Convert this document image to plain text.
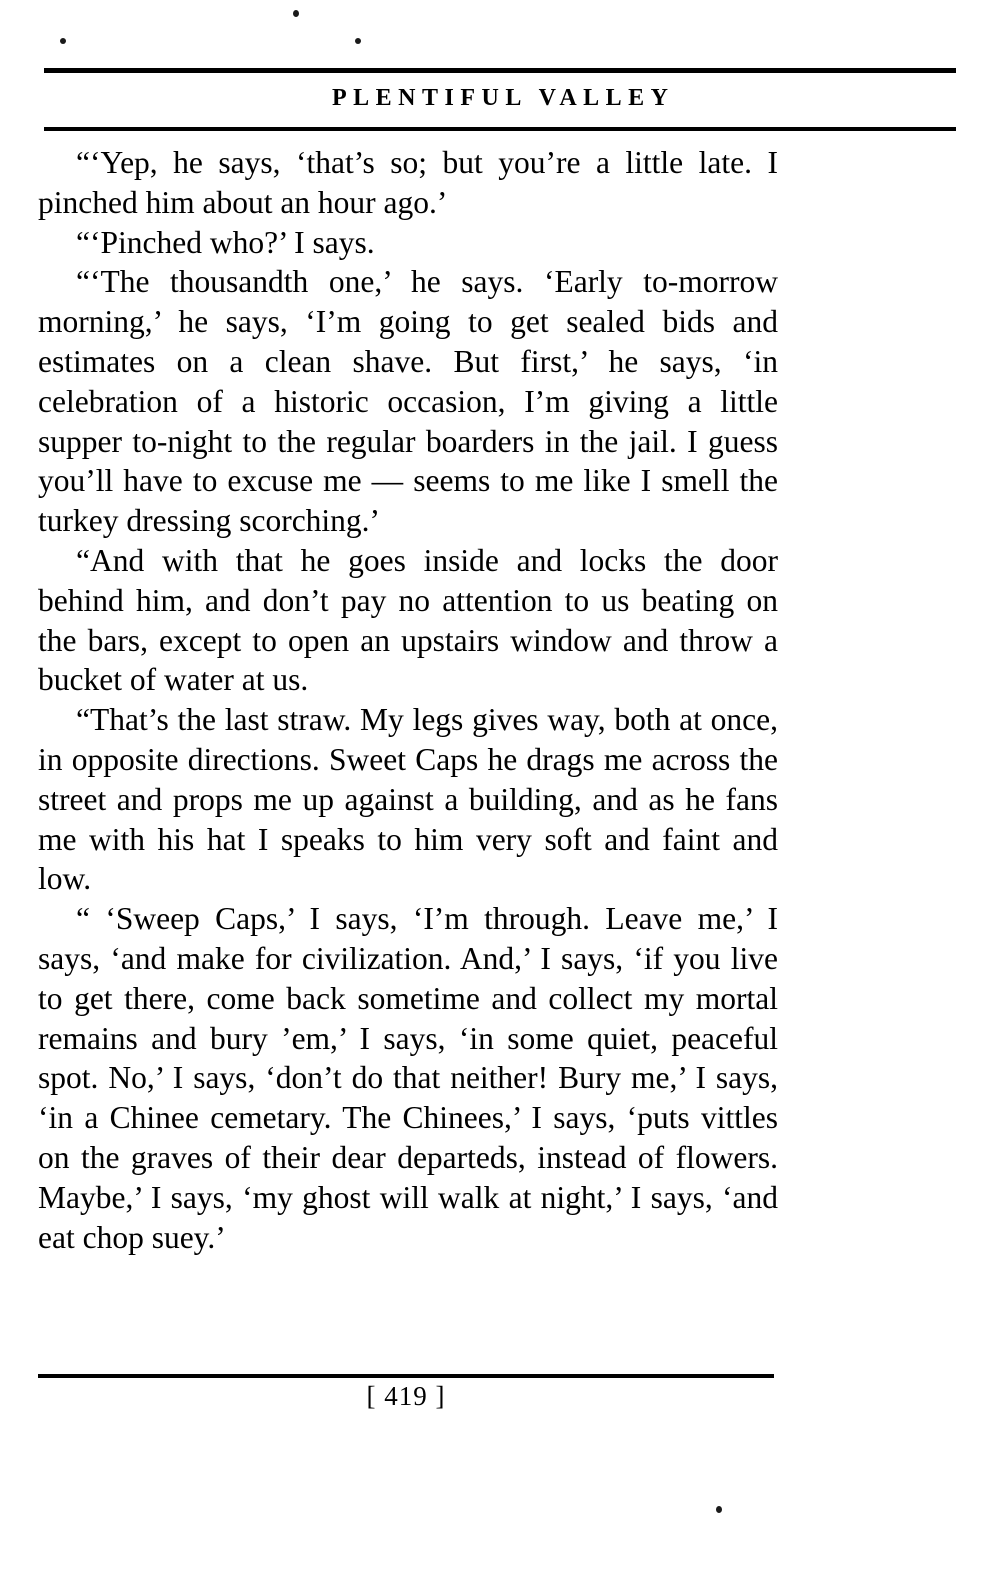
PLENTIFUL VALLEY

“‘Yep, he says, ‘that’s so; but you’re a little late. I pinched him about an hour ago.’

“‘Pinched who?’ I says.

“‘The thousandth one,’ he says. ‘Early to-morrow morning,’ he says, ‘I’m going to get sealed bids and estimates on a clean shave. But first,’ he says, ‘in celebration of a historic occasion, I’m giving a little supper to-night to the regular boarders in the jail. I guess you’ll have to excuse me — seems to me like I smell the turkey dressing scorching.’

“And with that he goes inside and locks the door behind him, and don’t pay no attention to us beating on the bars, except to open an upstairs window and throw a bucket of water at us.

“That’s the last straw. My legs gives way, both at once, in opposite directions. Sweet Caps he drags me across the street and props me up against a building, and as he fans me with his hat I speaks to him very soft and faint and low.

“ ‘Sweep Caps,’ I says, ‘I’m through. Leave me,’ I says, ‘and make for civilization. And,’ I says, ‘if you live to get there, come back sometime and collect my mortal remains and bury ’em,’ I says, ‘in some quiet, peaceful spot. No,’ I says, ‘don’t do that neither! Bury me,’ I says, ‘in a Chinee cemetary. The Chinees,’ I says, ‘puts vittles on the graves of their dear departeds, instead of flowers. Maybe,’ I says, ‘my ghost will walk at night,’ I says, ‘and eat chop suey.’

[ 419 ]
